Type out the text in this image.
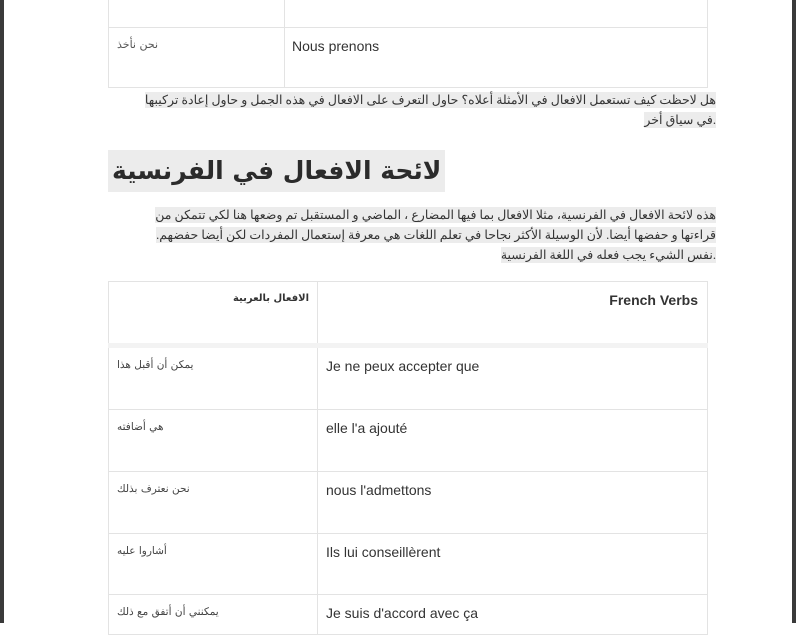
نحن نأخذ	Nous prenons
هل لاحظت كيف تستعمل الافعال في الأمثلة أعلاه؟ حاول التعرف على الافعال في هذه الجمل و حاول إعادة تركيبها
.في سياق أخر
لائحة الافعال في الفرنسية
هذه لائحة الافعال في الفرنسية، مثلا الافعال بما فيها المضارع ، الماضي و المستقبل تم وضعها هنا لكي تتمكن من
قراءتها و حفضها أيضا. لأن الوسيلة الأكثر نجاحا في تعلم اللغات هي معرفة إستعمال المفردات لكن أيضا حفضهم.
.نفس الشيء يجب فعله في اللغة الفرنسية
الافعال بالعربية	French Verbs
يمكن أن أقبل هذا	Je ne peux accepter que
هي أضافته	elle l'a ajouté
نحن نعترف بذلك	nous l'admettons
أشاروا عليه	Ils lui conseillèrent
يمكنني أن أتفق مع ذلك	Je suis d'accord avec ça
